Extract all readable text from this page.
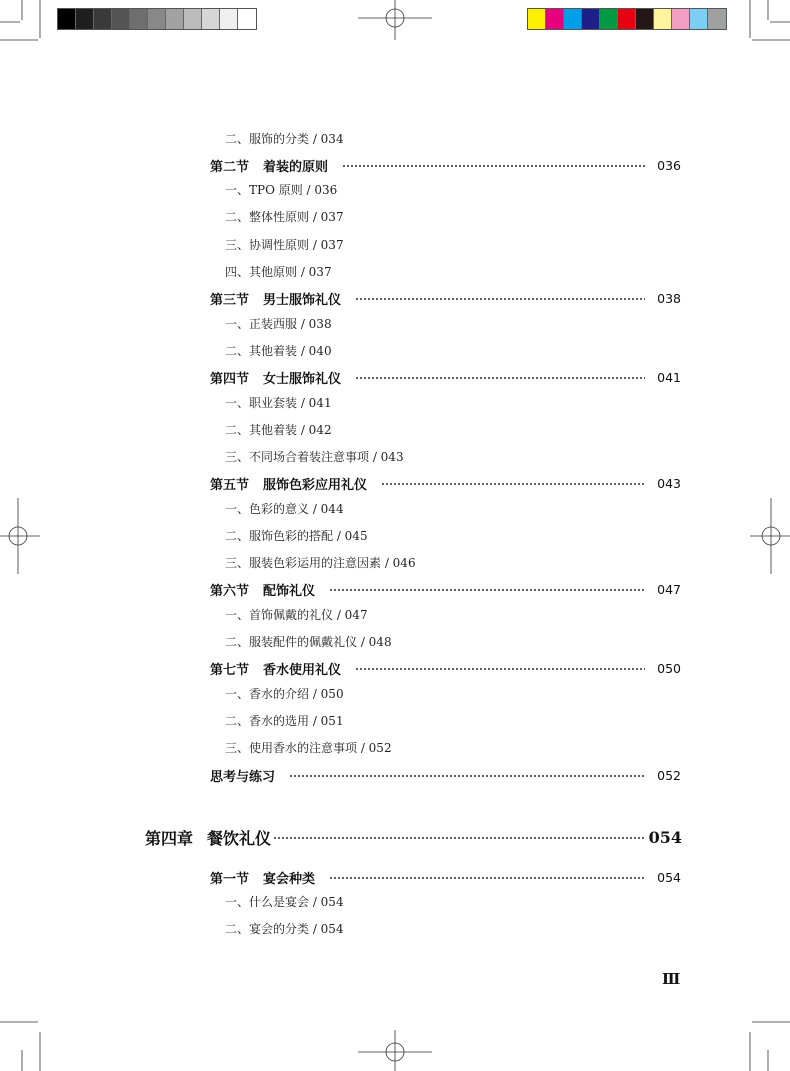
二、服饰的分类 / 034
第二节 着装的原则	036
一、TPO 原则 / 036
二、整体性原则 / 037
三、协调性原则 / 037
四、其他原则 / 037
第三节 男士服饰礼仪	038
一、正装西服 / 038
二、其他着装 / 040
第四节 女士服饰礼仪	041
一、职业套装 / 041
二、其他着装 / 042
三、不同场合着装注意事项 / 043
第五节 服饰色彩应用礼仪	043
一、色彩的意义 / 044
二、服饰色彩的搭配 / 045
三、服装色彩运用的注意因素 / 046
第六节 配饰礼仪	047
一、首饰佩戴的礼仪 / 047
二、服装配件的佩戴礼仪 / 048
第七节 香水使用礼仪	050
一、香水的介绍 / 050
二、香水的选用 / 051
三、使用香水的注意事项 / 052
思考与练习	052
第四章 餐饮礼仪	054
第一节 宴会种类	054
一、什么是宴会 / 054
二、宴会的分类 / 054
Ⅲ
